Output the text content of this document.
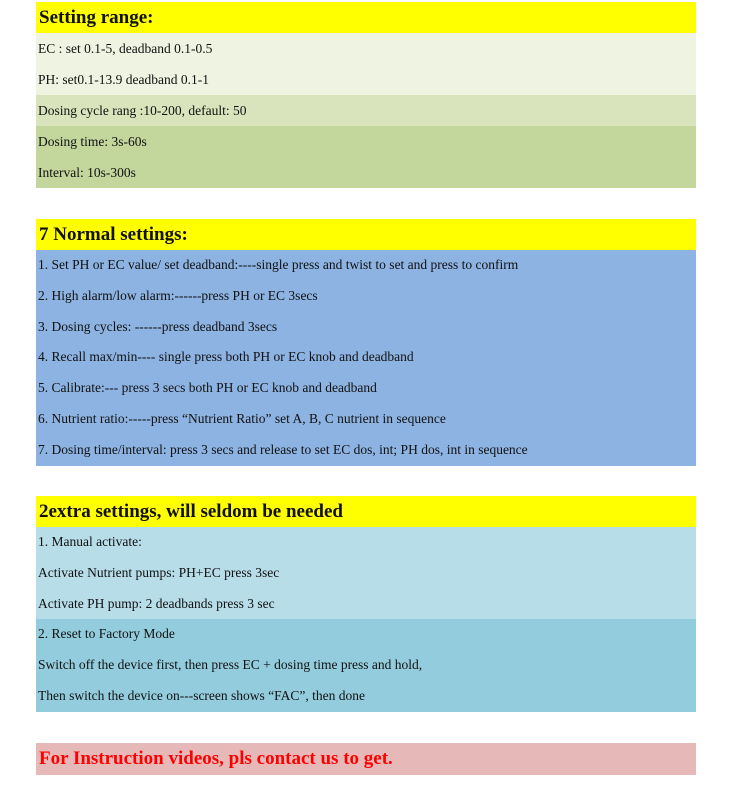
Setting range:
EC : set 0.1-5, deadband 0.1-0.5
PH: set0.1-13.9 deadband 0.1-1
Dosing cycle rang :10-200, default: 50
Dosing time: 3s-60s
Interval: 10s-300s
7 Normal settings:
1. Set PH or EC value/ set deadband:----single press and twist to set and press to confirm
2. High alarm/low alarm:------press PH or EC 3secs
3. Dosing cycles: ------press deadband 3secs
4. Recall max/min---- single press both PH or EC knob and deadband
5. Calibrate:--- press 3 secs both PH or EC knob and deadband
6. Nutrient ratio:-----press “Nutrient Ratio” set A, B, C nutrient in sequence
7. Dosing time/interval: press 3 secs and release to set EC dos, int; PH dos, int in sequence
2extra settings, will seldom be needed
1. Manual activate:
Activate Nutrient pumps: PH+EC press 3sec
Activate PH pump: 2 deadbands press 3 sec
2. Reset to Factory Mode
Switch off the device first, then press EC + dosing time press and hold,
Then switch the device on---screen shows “FAC”, then done
For Instruction videos, pls contact us to get.
